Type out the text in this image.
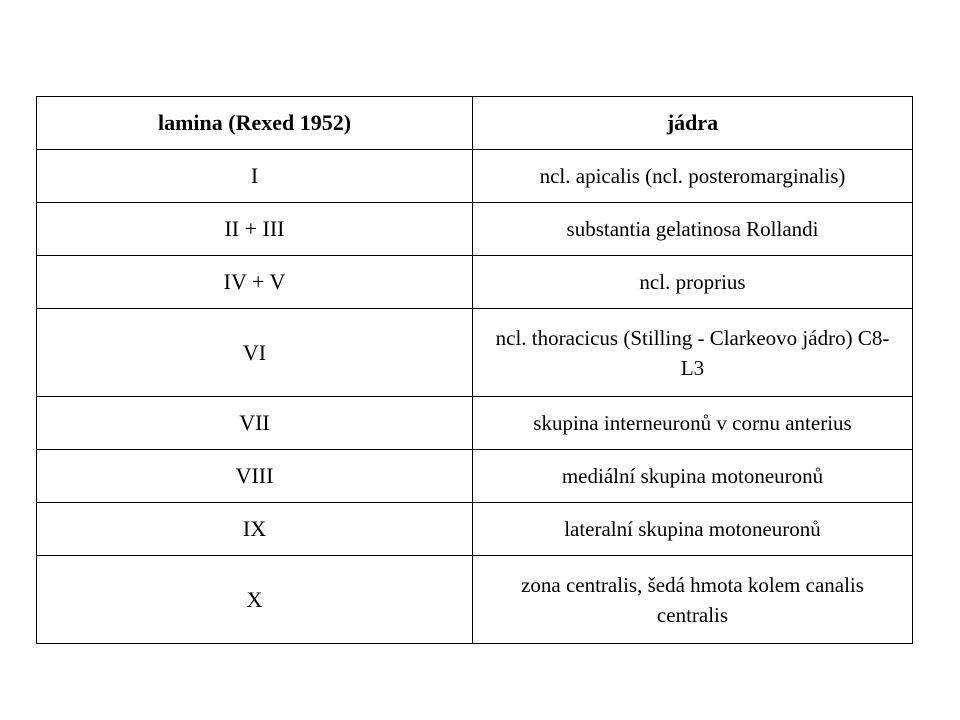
lamina (Rexed 1952)	jádra
I	ncl. apicalis (ncl. posteromarginalis)
II + III	substantia gelatinosa Rollandi
IV + V	ncl. proprius
VI	ncl. thoracicus (Stilling - Clarkeovo jádro) C8-L3
VII	skupina interneuronů v cornu anterius
VIII	mediální skupina motoneuronů
IX	lateralní skupina motoneuronů
X	zona centralis, šedá hmota kolem canalis centralis
